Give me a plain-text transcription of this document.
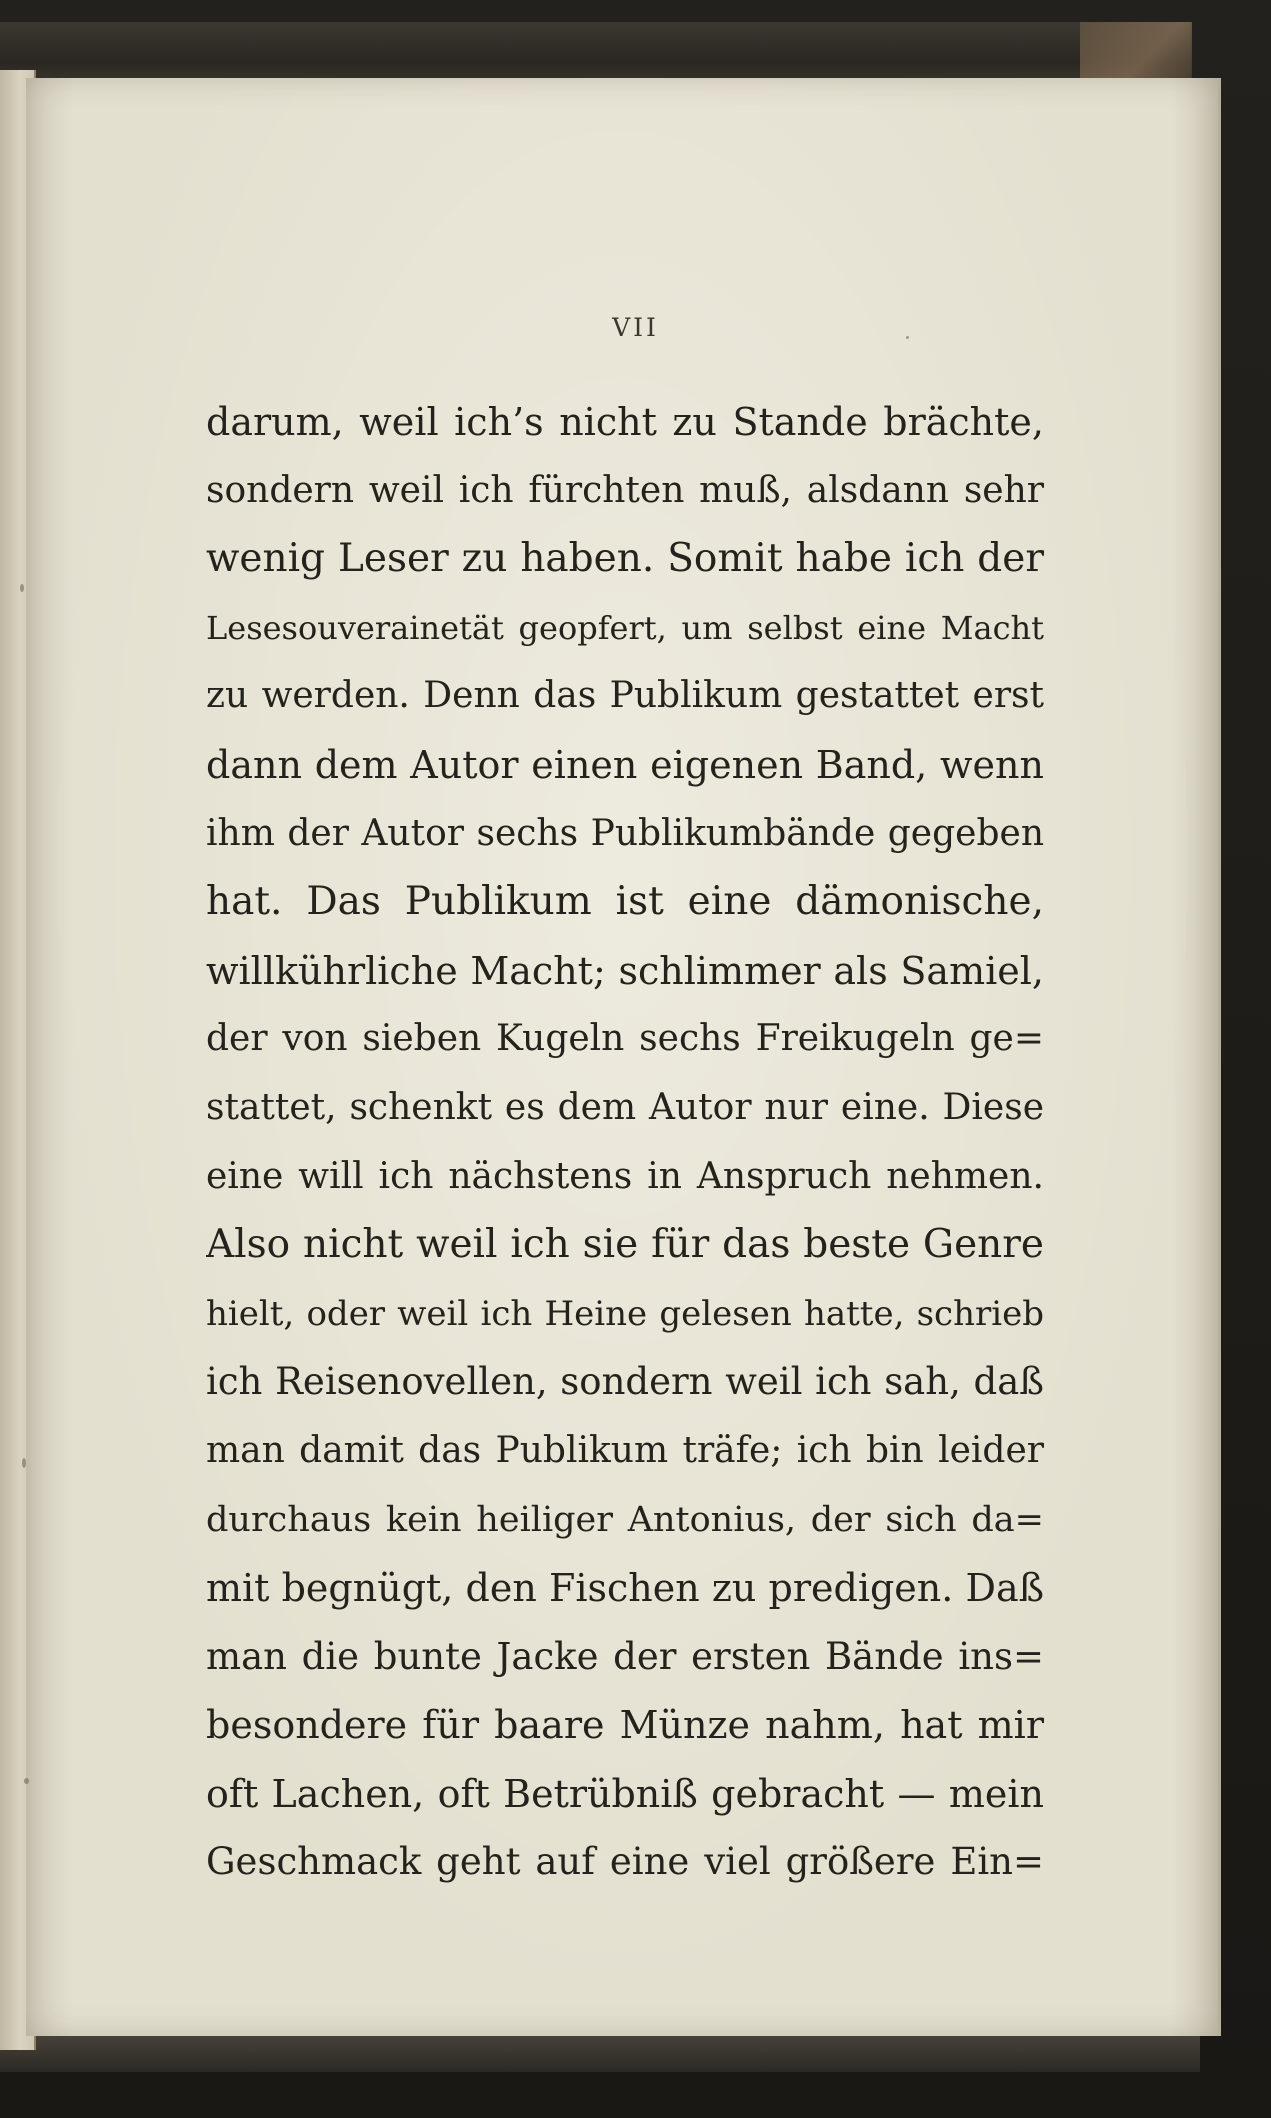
VII
darum, weil ich’s nicht zu Stande brächte,
sondern weil ich fürchten muß, alsdann sehr
wenig Leser zu haben. Somit habe ich der
Lesesouverainetät geopfert, um selbst eine Macht
zu werden. Denn das Publikum gestattet erst
dann dem Autor einen eigenen Band, wenn
ihm der Autor sechs Publikumbände gegeben
hat. Das Publikum ist eine dämonische,
willkührliche Macht; schlimmer als Samiel,
der von sieben Kugeln sechs Freikugeln ge=
stattet, schenkt es dem Autor nur eine. Diese
eine will ich nächstens in Anspruch nehmen.
Also nicht weil ich sie für das beste Genre
hielt, oder weil ich Heine gelesen hatte, schrieb
ich Reisenovellen, sondern weil ich sah, daß
man damit das Publikum träfe; ich bin leider
durchaus kein heiliger Antonius, der sich da=
mit begnügt, den Fischen zu predigen. Daß
man die bunte Jacke der ersten Bände ins=
besondere für baare Münze nahm, hat mir
oft Lachen, oft Betrübniß gebracht — mein
Geschmack geht auf eine viel größere Ein=
